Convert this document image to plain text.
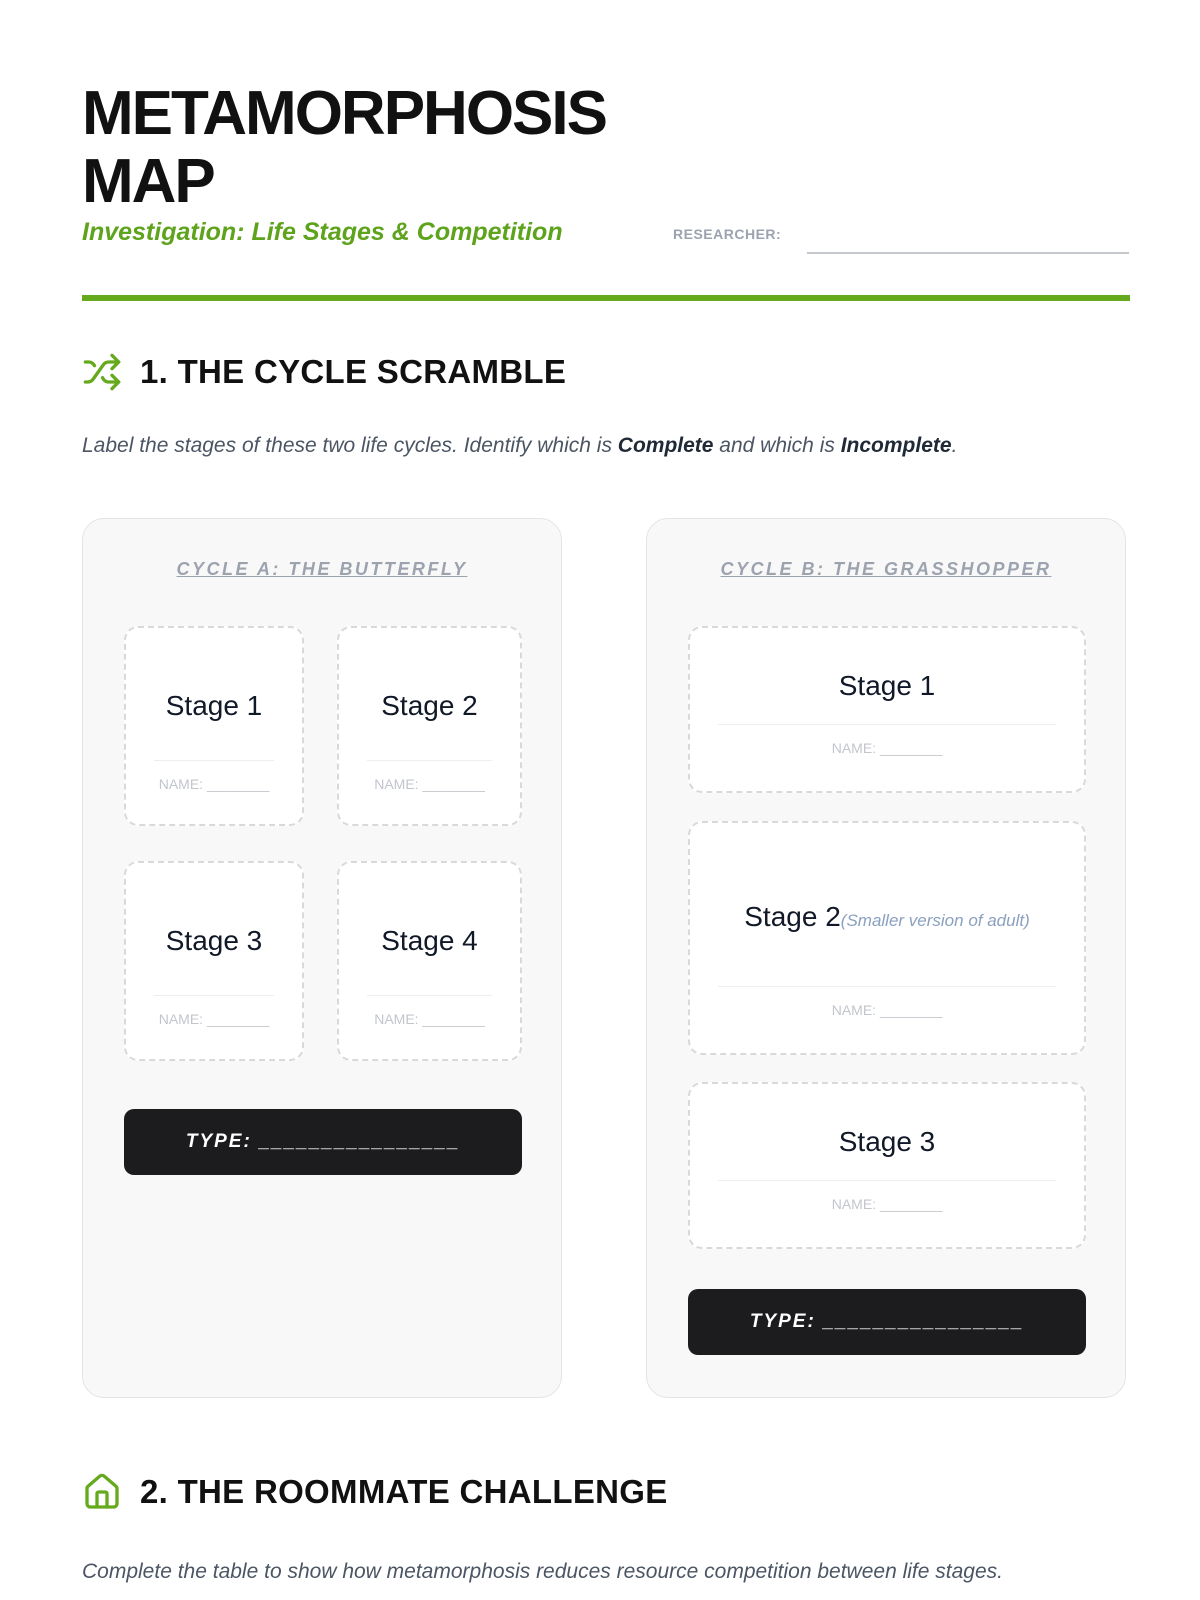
METAMORPHOSIS MAP
Investigation: Life Stages & Competition	RESEARCHER:
1. THE CYCLE SCRAMBLE
Label the stages of these two life cycles. Identify which is Complete and which is Incomplete.
CYCLE A: THE BUTTERFLY
Stage 1
NAME: ________
Stage 2
NAME: ________
Stage 3
NAME: ________
Stage 4
NAME: ________
TYPE: ________________
CYCLE B: THE GRASSHOPPER
Stage 1
NAME: ________
Stage 2(Smaller version of adult)
NAME: ________
Stage 3
NAME: ________
TYPE: ________________
2. THE ROOMMATE CHALLENGE
Complete the table to show how metamorphosis reduces resource competition between life stages.
